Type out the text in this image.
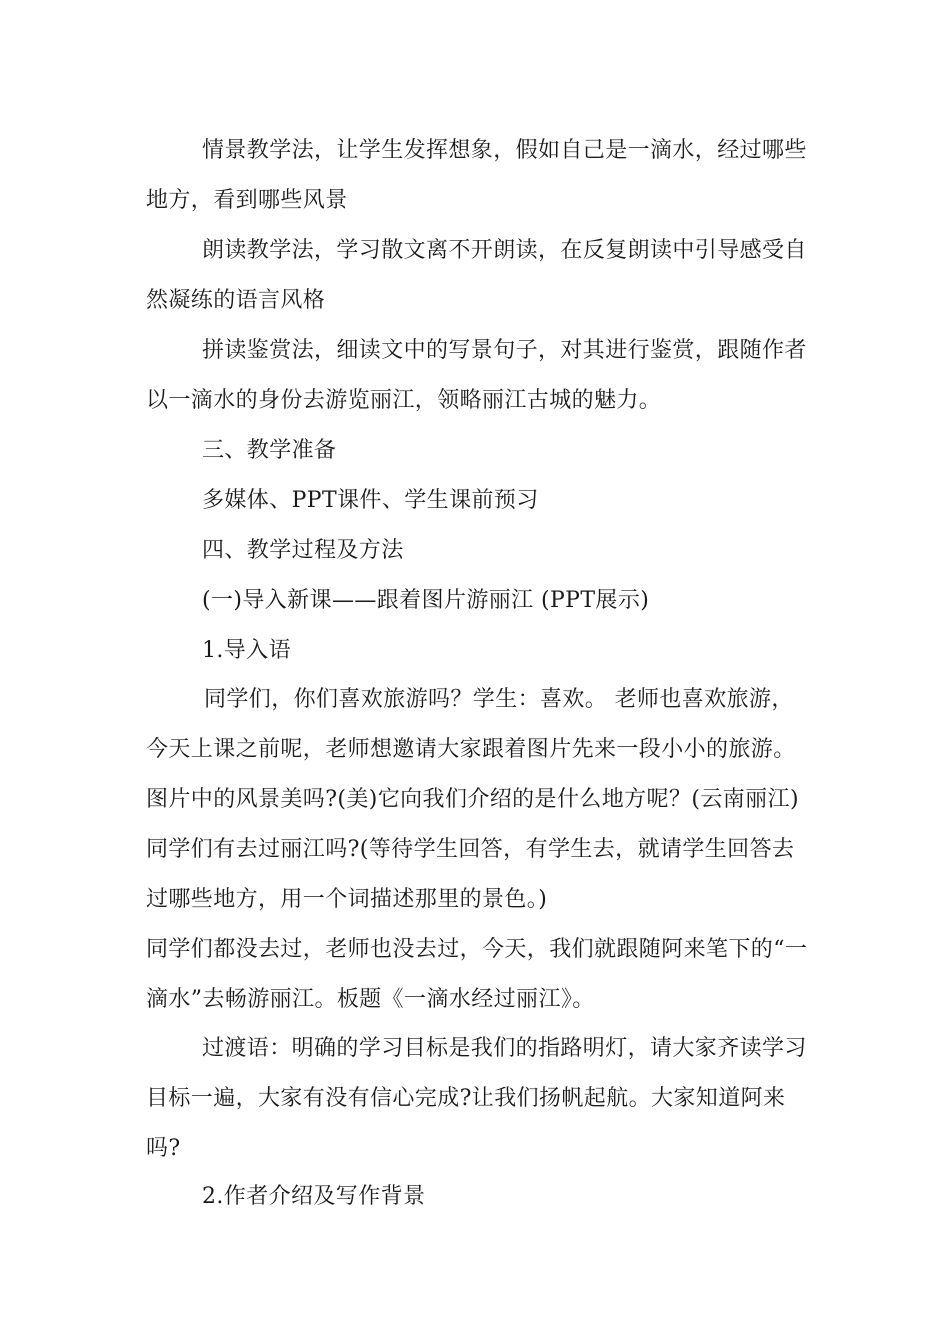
情景教学法，让学生发挥想象，假如自己是一滴水，经过哪些地方，看到哪些风景

朗读教学法，学习散文离不开朗读，在反复朗读中引导感受自然凝练的语言风格

拼读鉴赏法，细读文中的写景句子，对其进行鉴赏，跟随作者以一滴水的身份去游览丽江，领略丽江古城的魅力。

三、教学准备

多媒体、PPT课件、学生课前预习

四、教学过程及方法

(一)导入新课——跟着图片游丽江 (PPT展示)

1.导入语

同学们，你们喜欢旅游吗？学生：喜欢。 老师也喜欢旅游，今天上课之前呢，老师想邀请大家跟着图片先来一段小小的旅游。图片中的风景美吗?(美)它向我们介绍的是什么地方呢？(云南丽江)同学们有去过丽江吗?(等待学生回答，有学生去，就请学生回答去过哪些地方，用一个词描述那里的景色。)

同学们都没去过，老师也没去过，今天，我们就跟随阿来笔下的“一滴水”去畅游丽江。板题《一滴水经过丽江》。

过渡语：明确的学习目标是我们的指路明灯，请大家齐读学习目标一遍，大家有没有信心完成?让我们扬帆起航。大家知道阿来吗?

2.作者介绍及写作背景
